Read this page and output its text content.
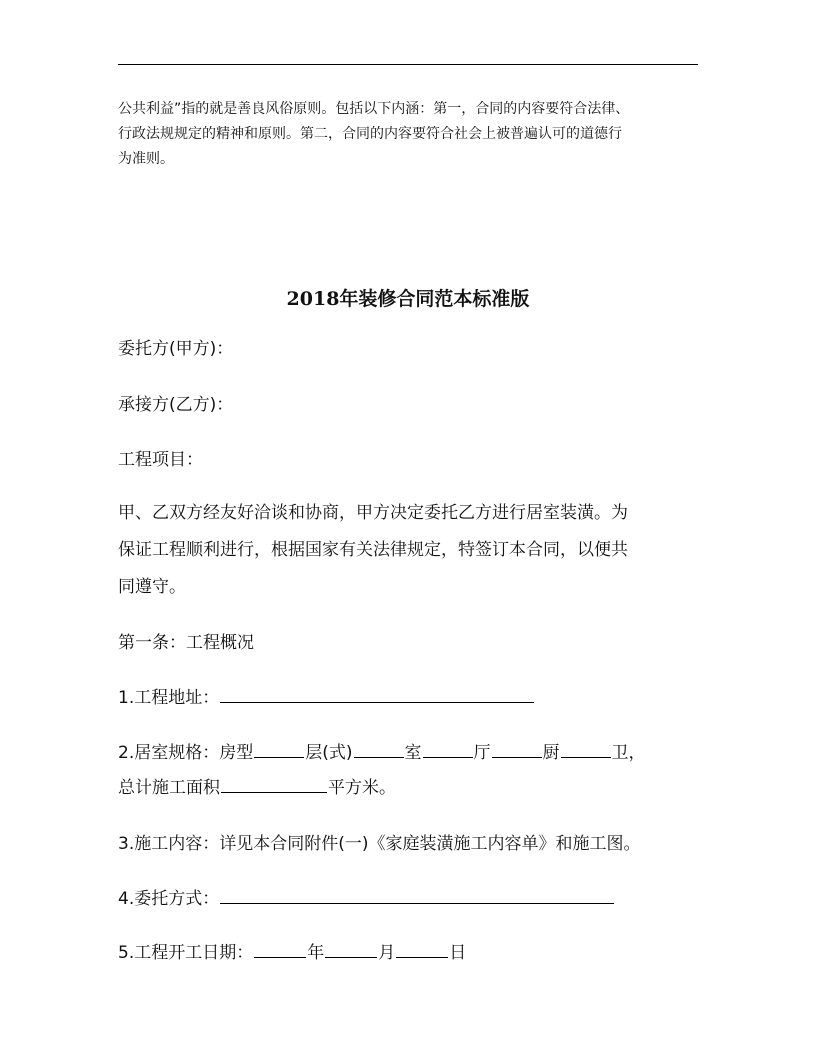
公共利益”指的就是善良风俗原则。包括以下内涵：第一，合同的内容要符合法律、

行政法规规定的精神和原则。第二，合同的内容要符合社会上被普遍认可的道德行

为准则。

2018年装修合同范本标准版
委托方(甲方)：
承接方(乙方)：
工程项目：
甲、乙双方经友好洽谈和协商，甲方决定委托乙方进行居室装潢。为
保证工程顺利进行，根据国家有关法律规定，特签订本合同，以便共
同遵守。
第一条：工程概况
1.工程地址：
2.居室规格：房型	层(式)	室	厅	厨	卫，
总计施工面积	平方米。
3.施工内容：详见本合同附件(一)《家庭装潢施工内容单》和施工图。
4.委托方式：
5.工程开工日期：	年	月	日
